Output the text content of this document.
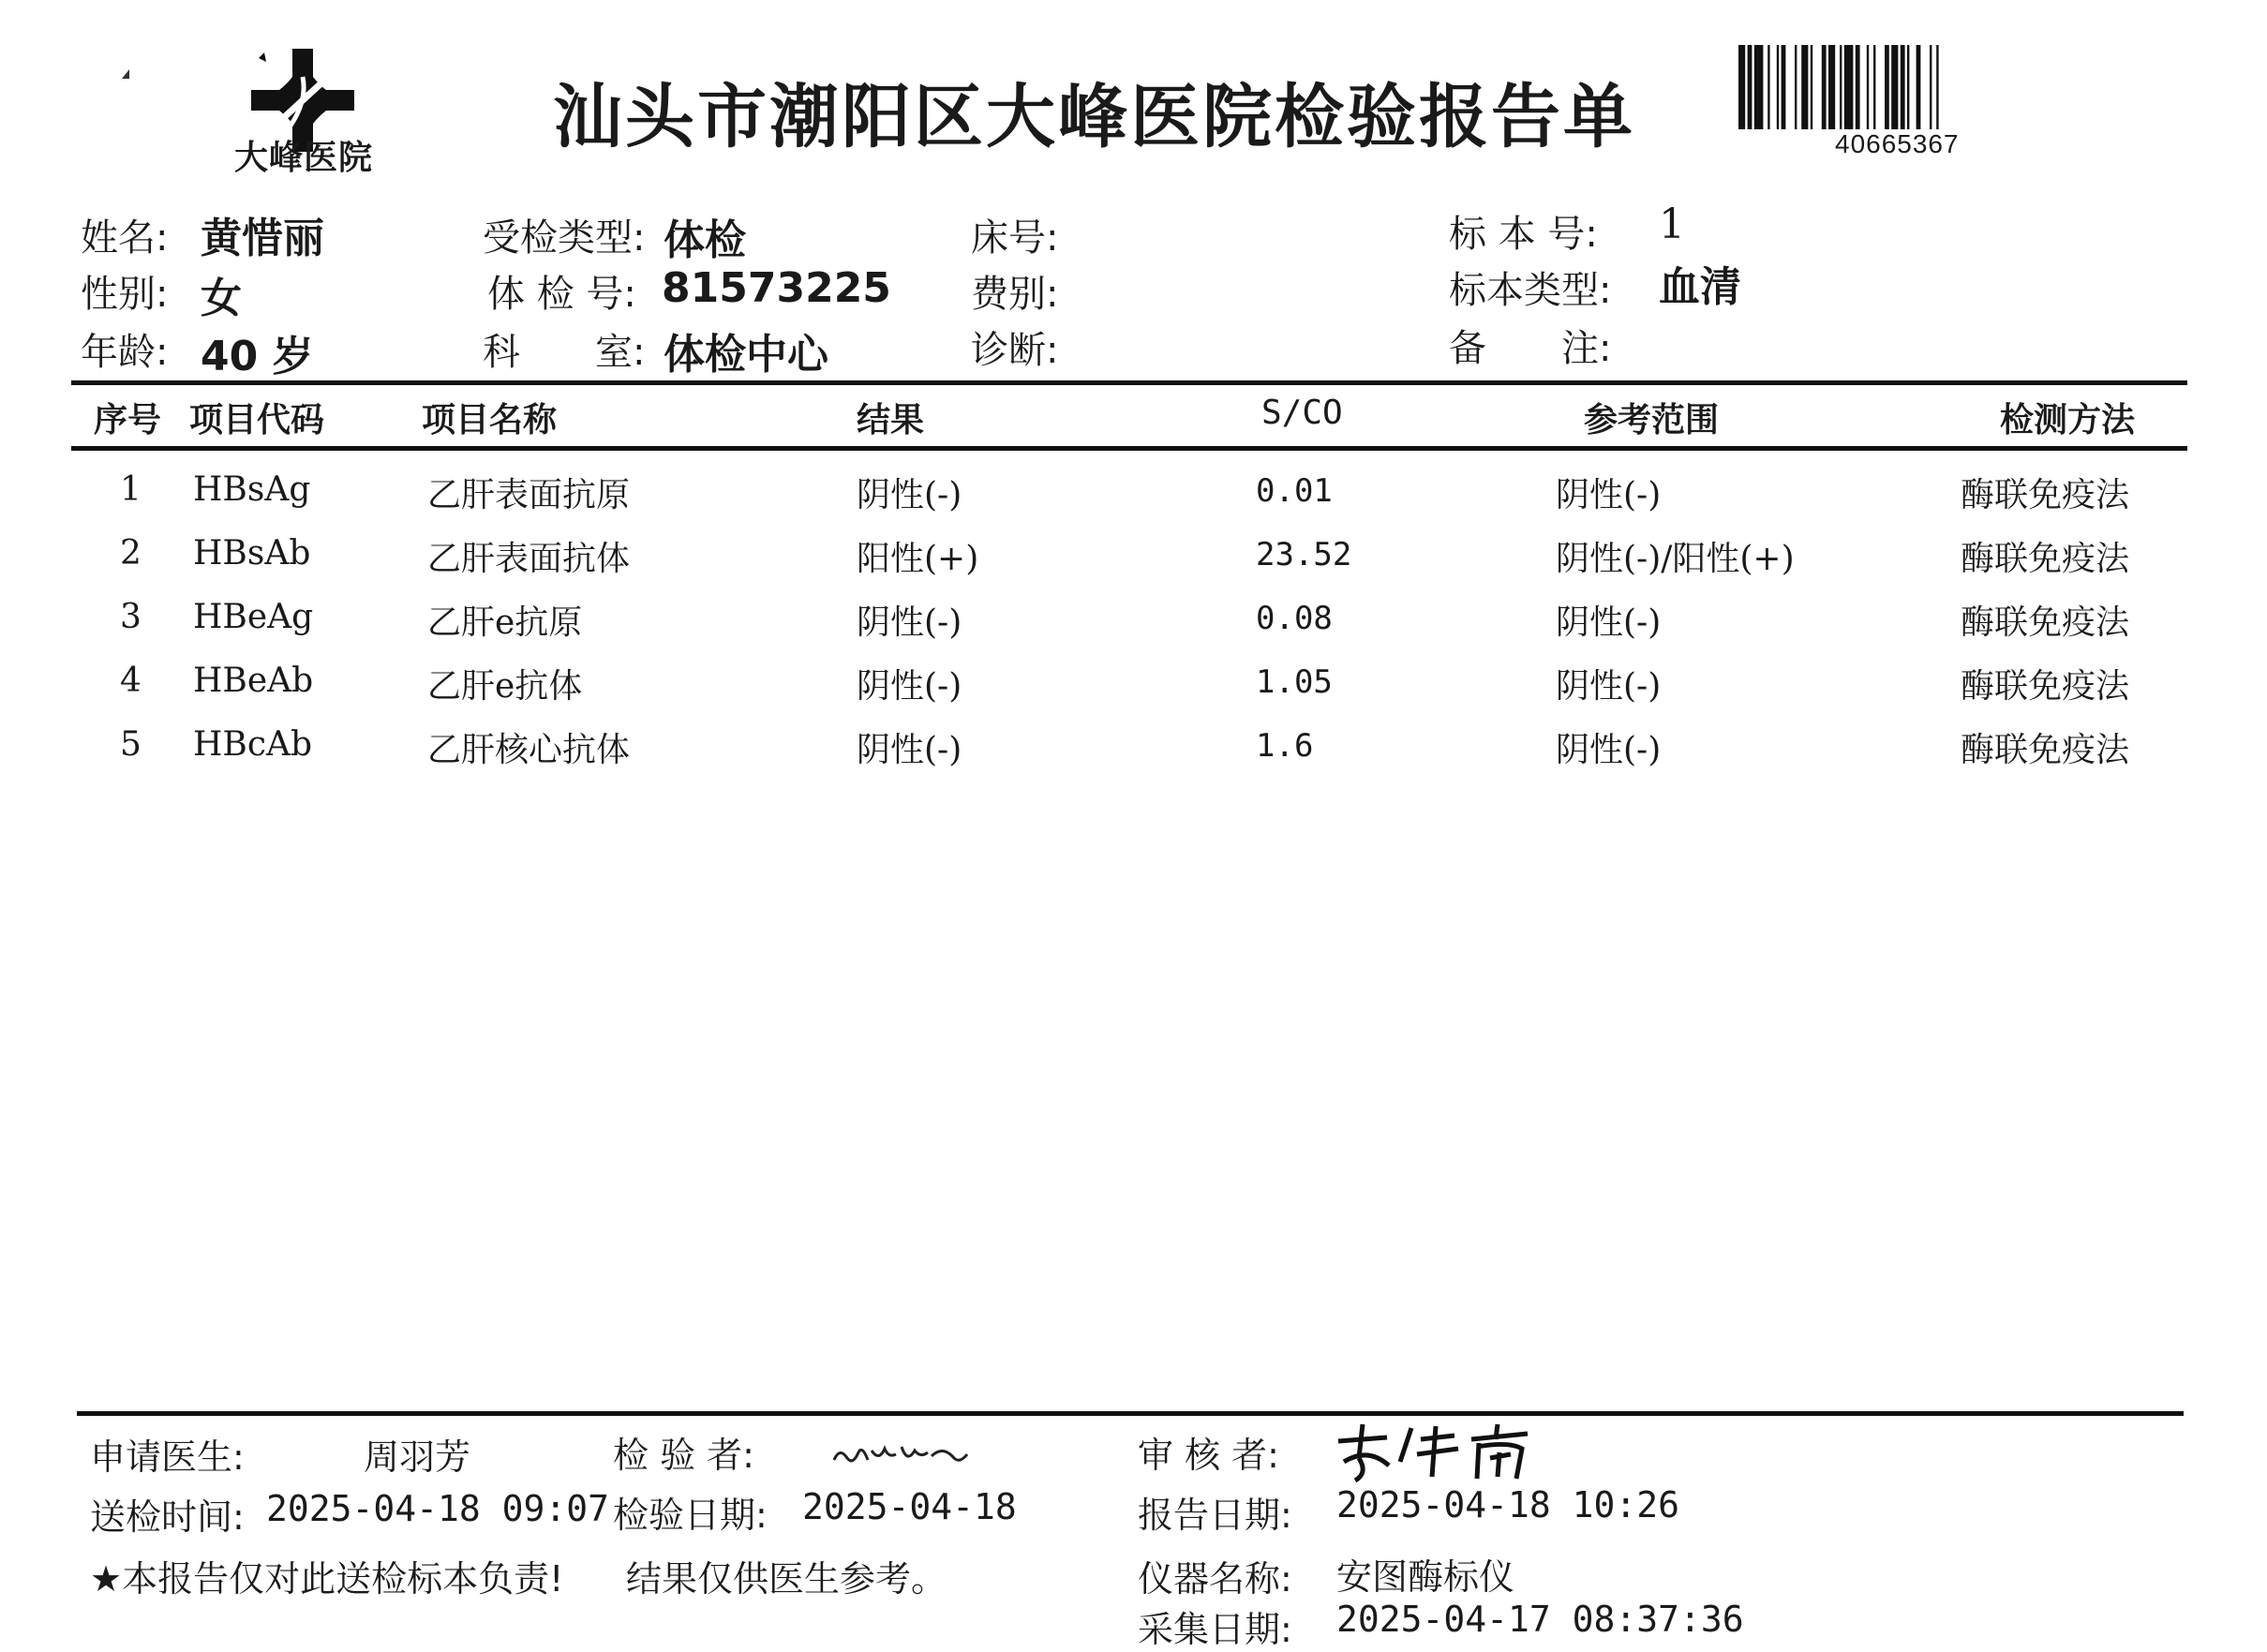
大峰医院
汕头市潮阳区大峰医院检验报告单	40665367
姓名: 黄惜丽
性别: 女
年龄: 40 岁
受检类型: 体检
体 检 号: 81573225
科　　室: 体检中心
床号:
费别:
诊断:
标 本 号: 1
标本类型: 血清
备　　注:
序号 项目代码	项目名称	结果	S/CO	参考范围	检测方法
1 HBsAg	乙肝表面抗原	阴性(-)	0.01	阴性(-)	酶联免疫法
2 HBsAb	乙肝表面抗体	阳性(+)	23.52	阴性(-)/阳性(+)	酶联免疫法
3 HBeAg	乙肝e抗原	阴性(-)	0.08	阴性(-)	酶联免疫法
4 HBeAb	乙肝e抗体	阴性(-)	1.05	阴性(-)	酶联免疫法
5 HBcAb	乙肝核心抗体	阴性(-)	1.6	阴性(-)	酶联免疫法
申请医生:	周羽芳	检 验 者:	审 核 者:
送检时间: 2025-04-18 09:07 检验日期: 2025-04-18	报告日期: 2025-04-18 10:26
★本报告仅对此送检标本负责! 结果仅供医生参考。	仪器名称: 安图酶标仪
采集日期: 2025-04-17 08:37:36
